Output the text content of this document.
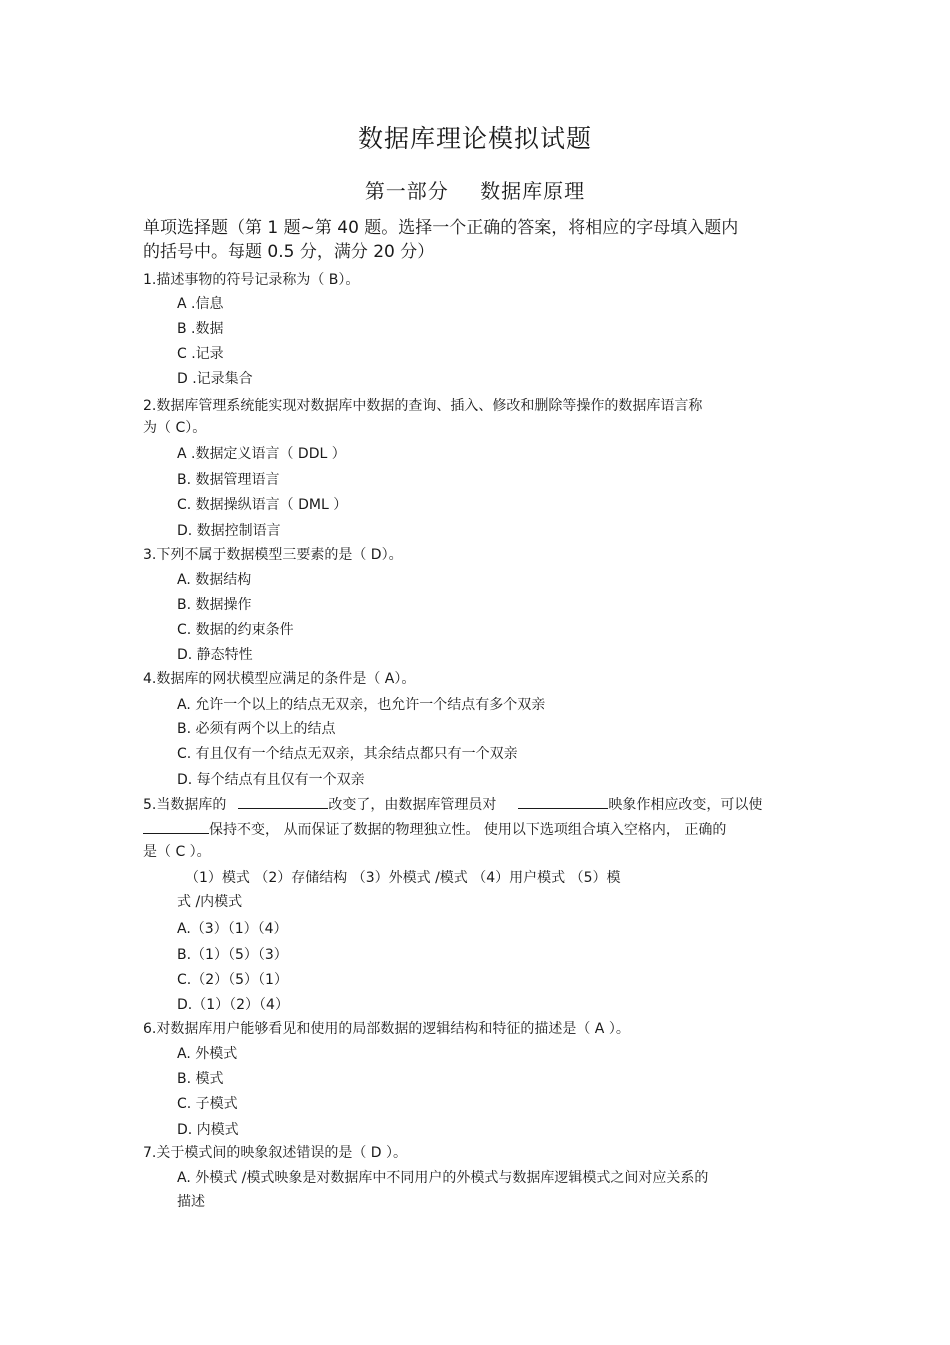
数据库理论模拟试题
第一部分 数据库原理
单项选择题（第 1 题~第 40 题。选择一个正确的答案，将相应的字母填入题内
的括号中。每题 0.5 分，满分 20 分）
1.描述事物的符号记录称为（ B）。
A .信息
B .数据
C .记录
D .记录集合
2.数据库管理系统能实现对数据库中数据的查询、插入、修改和删除等操作的数据库语言称
为（ C）。
A .数据定义语言（ DDL ）
B. 数据管理语言
C. 数据操纵语言（ DML ）
D. 数据控制语言
3.下列不属于数据模型三要素的是（ D）。
A. 数据结构
B. 数据操作
C. 数据的约束条件
D. 静态特性
4.数据库的网状模型应满足的条件是（ A）。
A. 允许一个以上的结点无双亲，也允许一个结点有多个双亲
B. 必须有两个以上的结点
C. 有且仅有一个结点无双亲，其余结点都只有一个双亲
D. 每个结点有且仅有一个双亲
5.当数据库的	改变了，由数据库管理员对	映象作相应改变，可以使
保持不变， 从而保证了数据的物理独立性。 使用以下选项组合填入空格内， 正确的
是（ C ）。
（1）模式 （2）存储结构 （3）外模式 /模式 （4）用户模式 （5）模
式 /内模式
A.（3）（1）（4）
B.（1）（5）（3）
C.（2）（5）（1）
D.（1）（2）（4）
6.对数据库用户能够看见和使用的局部数据的逻辑结构和特征的描述是（ A ）。
A. 外模式
B. 模式
C. 子模式
D. 内模式
7.关于模式间的映象叙述错误的是（ D ）。
A. 外模式 /模式映象是对数据库中不同用户的外模式与数据库逻辑模式之间对应关系的
描述
